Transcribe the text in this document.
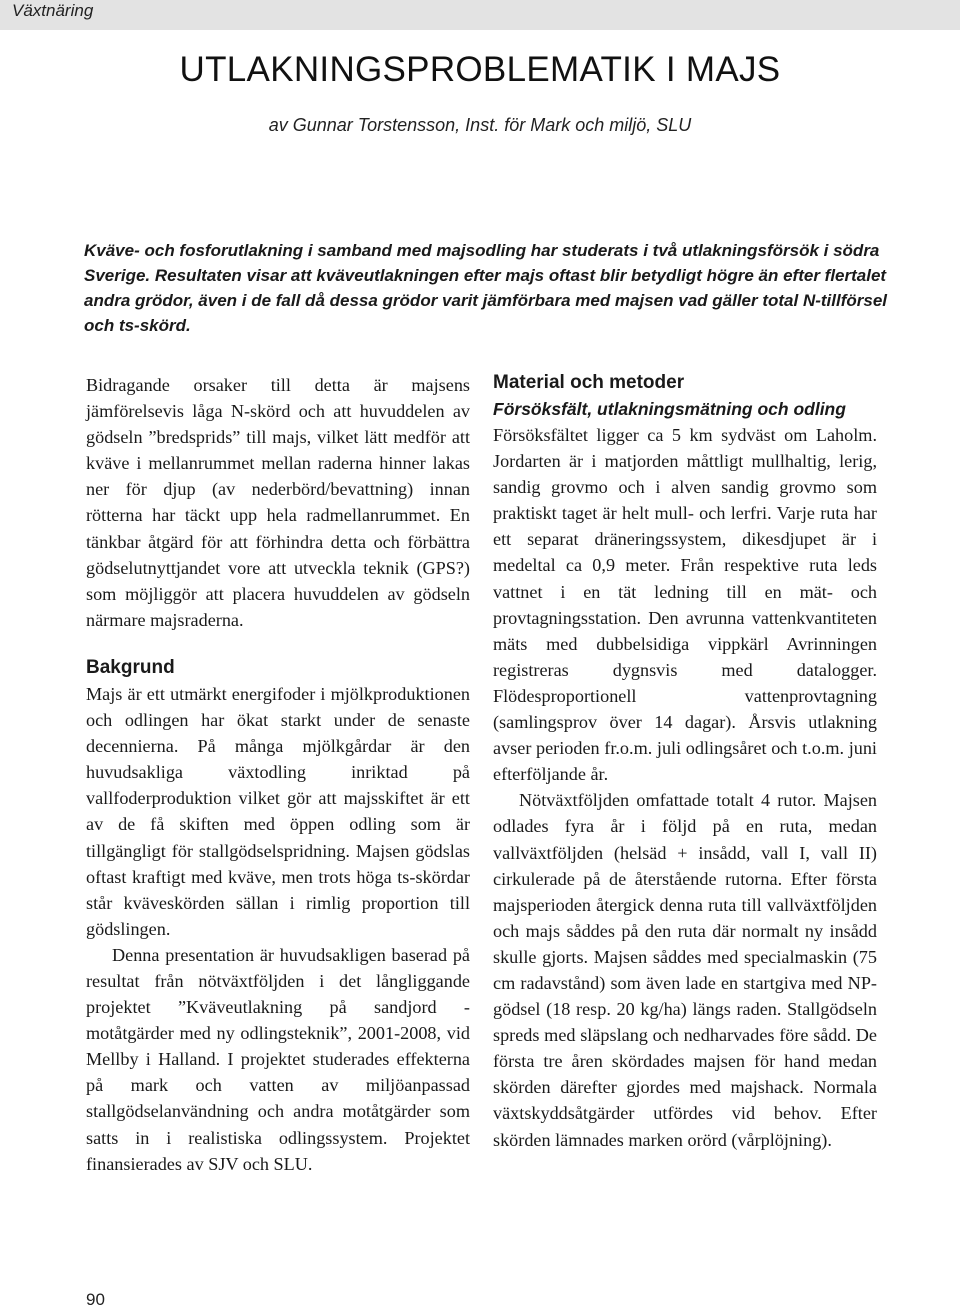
Växtnäring
UTLAKNINGSPROBLEMATIK I MAJS
av Gunnar Torstensson, Inst. för Mark och miljö, SLU

Kväve- och fosforutlakning i samband med majsodling har studerats i två utlakningsförsök i södra Sverige. Resultaten visar att kväveutlakningen efter majs oftast blir betydligt högre än efter flertalet andra grödor, även i de fall då dessa grödor varit jämförbara med majsen vad gäller total N-tillförsel och ts-skörd.

Bidragande orsaker till detta är majsens jämförelsevis låga N-skörd och att huvuddelen av gödseln ”bredsprids” till majs, vilket lätt medför att kväve i mellanrummet mellan raderna hinner lakas ner för djup (av nederbörd/bevattning) innan rötterna har täckt upp hela radmellanrummet. En tänkbar åtgärd för att förhindra detta och förbättra gödselutnyttjandet vore att utveckla teknik (GPS?) som möjliggör att placera huvuddelen av gödseln närmare majsraderna.

Bakgrund

Majs är ett utmärkt energifoder i mjölkproduktionen och odlingen har ökat starkt under de senaste decennierna. På många mjölkgårdar är den huvudsakliga växtodling inriktad på vallfoderproduktion vilket gör att majsskiftet är ett av de få skiften med öppen odling som är tillgängligt för stallgödselspridning. Majsen gödslas oftast kraftigt med kväve, men trots höga ts-skördar står kväveskörden sällan i rimlig proportion till gödslingen.

Denna presentation är huvudsakligen baserad på resultat från nötväxtföljden i det långliggande projektet ”Kväveutlakning på sandjord - motåtgärder med ny odlingsteknik”, 2001-2008, vid Mellby i Halland. I projektet studerades effekterna på mark och vatten av miljöanpassad stallgödselanvändning och andra motåtgärder som satts in i realistiska odlingssystem. Projektet finansierades av SJV och SLU.

Material och metoder
Försöksfält, utlakningsmätning och odling

Försöksfältet ligger ca 5 km sydväst om Laholm. Jordarten är i matjorden måttligt mullhaltig, lerig, sandig grovmo och i alven sandig grovmo som praktiskt taget är helt mull- och lerfri. Varje ruta har ett separat dräneringssystem, dikesdjupet är i medeltal ca 0,9 meter. Från respektive ruta leds vattnet i en tät ledning till en mät- och provtagningsstation. Den avrunna vattenkvantiteten mäts med dubbelsidiga vippkärl Avrinningen registreras dygnsvis med datalogger. Flödesproportionell vattenprovtagning (samlingsprov över 14 dagar). Årsvis utlakning avser perioden fr.o.m. juli odlingsåret och t.o.m. juni efterföljande år.

Nötväxtföljden omfattade totalt 4 rutor. Majsen odlades fyra år i följd på en ruta, medan vallväxtföljden (helsäd + insådd, vall I, vall II) cirkulerade på de återstående rutorna. Efter första majsperioden återgick denna ruta till vallväxtföljden och majs såddes på den ruta där normalt ny insådd skulle gjorts. Majsen såddes med specialmaskin (75 cm radavstånd) som även lade en startgiva med NP-gödsel (18 resp. 20 kg/ha) längs raden. Stallgödseln spreds med släpslang och nedharvades före sådd. De första tre åren skördades majsen för hand medan skörden därefter gjordes med majshack. Normala växtskyddsåtgärder utfördes vid behov. Efter skörden lämnades marken orörd (vårplöjning).

90
